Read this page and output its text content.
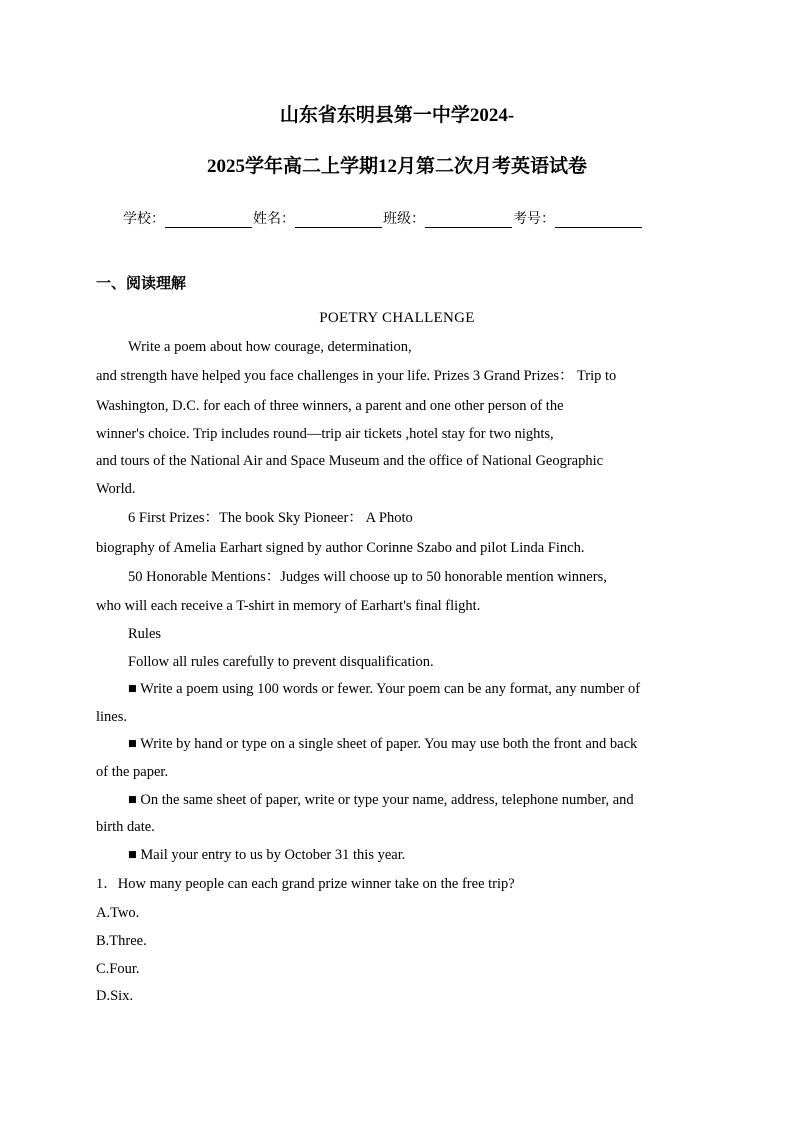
山东省东明县第一中学2024-
2025学年高二上学期12月第二次月考英语试卷
学校：	姓名：	班级：	考号：
一、阅读理解
POETRY CHALLENGE
Write a poem about how courage, determination,
and strength have helped you face challenges in your life. Prizes 3 Grand Prizes： Trip to
Washington, D.C. for each of three winners, a parent and one other person of the
winner's choice. Trip includes round—trip air tickets ,hotel stay for two nights,
and tours of the National Air and Space Museum and the office of National Geographic
World.
6 First Prizes：The book Sky Pioneer： A Photo
biography of Amelia Earhart signed by author Corinne Szabo and pilot Linda Finch.
50 Honorable Mentions：Judges will choose up to 50 honorable mention winners,
who will each receive a T-shirt in memory of Earhart's final flight.
Rules
Follow all rules carefully to prevent disqualification.
■ Write a poem using 100 words or fewer. Your poem can be any format, any number of
lines.
■ Write by hand or type on a single sheet of paper. You may use both the front and back
of the paper.
■ On the same sheet of paper, write or type your name, address, telephone number, and
birth date.
■ Mail your entry to us by October 31 this year.
1．How many people can each grand prize winner take on the free trip?
A.Two.
B.Three.
C.Four.
D.Six.
